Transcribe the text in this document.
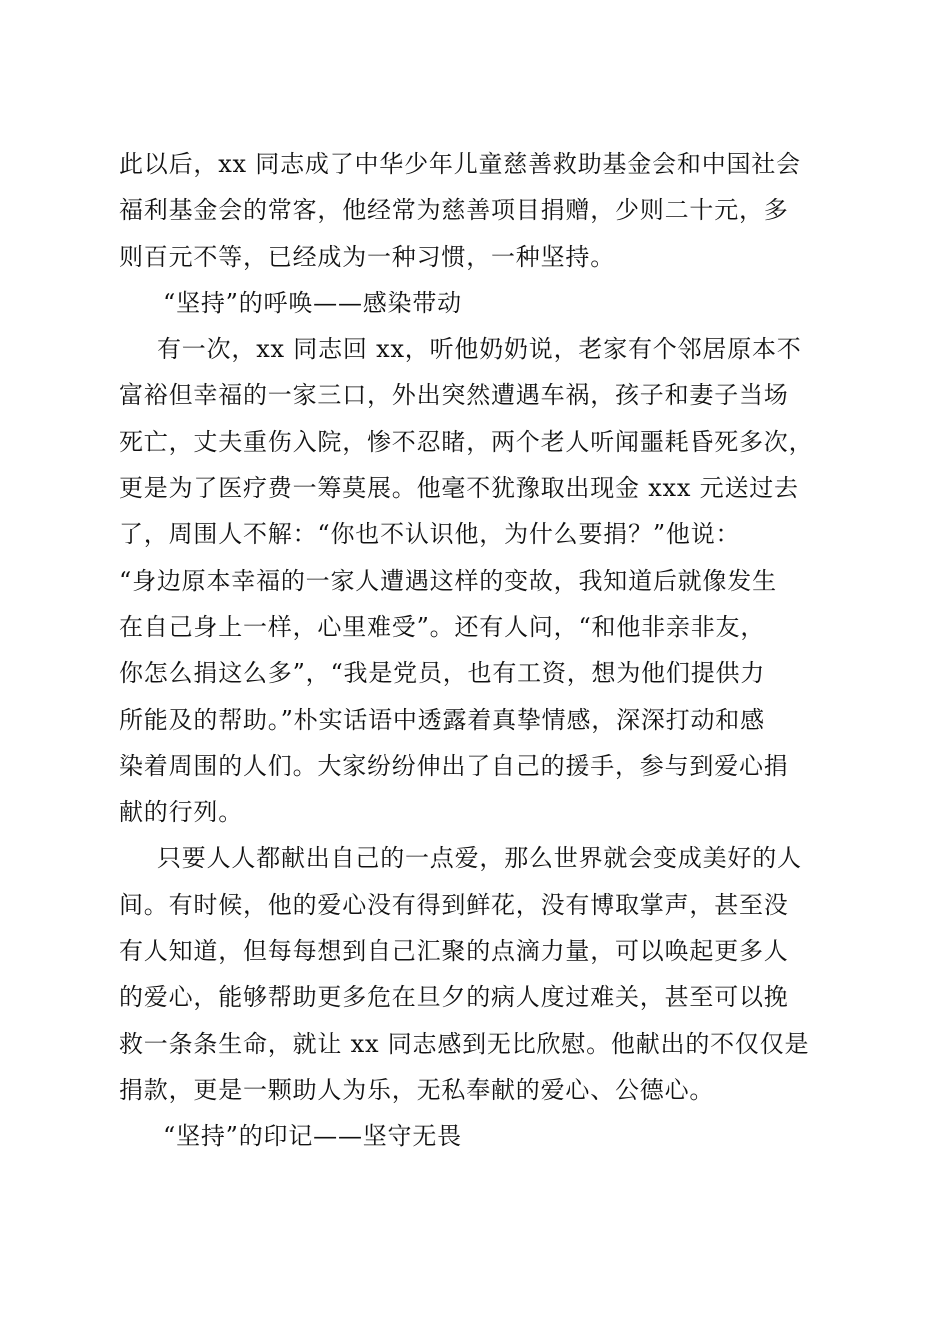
此以后，xx 同志成了中华少年儿童慈善救助基金会和中国社会
福利基金会的常客，他经常为慈善项目捐赠，少则二十元，多
则百元不等，已经成为一种习惯，一种坚持。
“坚持”的呼唤——感染带动
有一次，xx 同志回 xx，听他奶奶说，老家有个邻居原本不
富裕但幸福的一家三口，外出突然遭遇车祸，孩子和妻子当场
死亡，丈夫重伤入院，惨不忍睹，两个老人听闻噩耗昏死多次，
更是为了医疗费一筹莫展。他毫不犹豫取出现金 xxx 元送过去
了，周围人不解：“你也不认识他，为什么要捐？”他说：
“身边原本幸福的一家人遭遇这样的变故，我知道后就像发生
在自己身上一样，心里难受”。还有人问，“和他非亲非友，
你怎么捐这么多”，“我是党员，也有工资，想为他们提供力
所能及的帮助。”朴实话语中透露着真挚情感，深深打动和感
染着周围的人们。大家纷纷伸出了自己的援手，参与到爱心捐
献的行列。
只要人人都献出自己的一点爱，那么世界就会变成美好的人
间。有时候，他的爱心没有得到鲜花，没有博取掌声，甚至没
有人知道，但每每想到自己汇聚的点滴力量，可以唤起更多人
的爱心，能够帮助更多危在旦夕的病人度过难关，甚至可以挽
救一条条生命，就让 xx 同志感到无比欣慰。他献出的不仅仅是
捐款，更是一颗助人为乐，无私奉献的爱心、公德心。
“坚持”的印记——坚守无畏
